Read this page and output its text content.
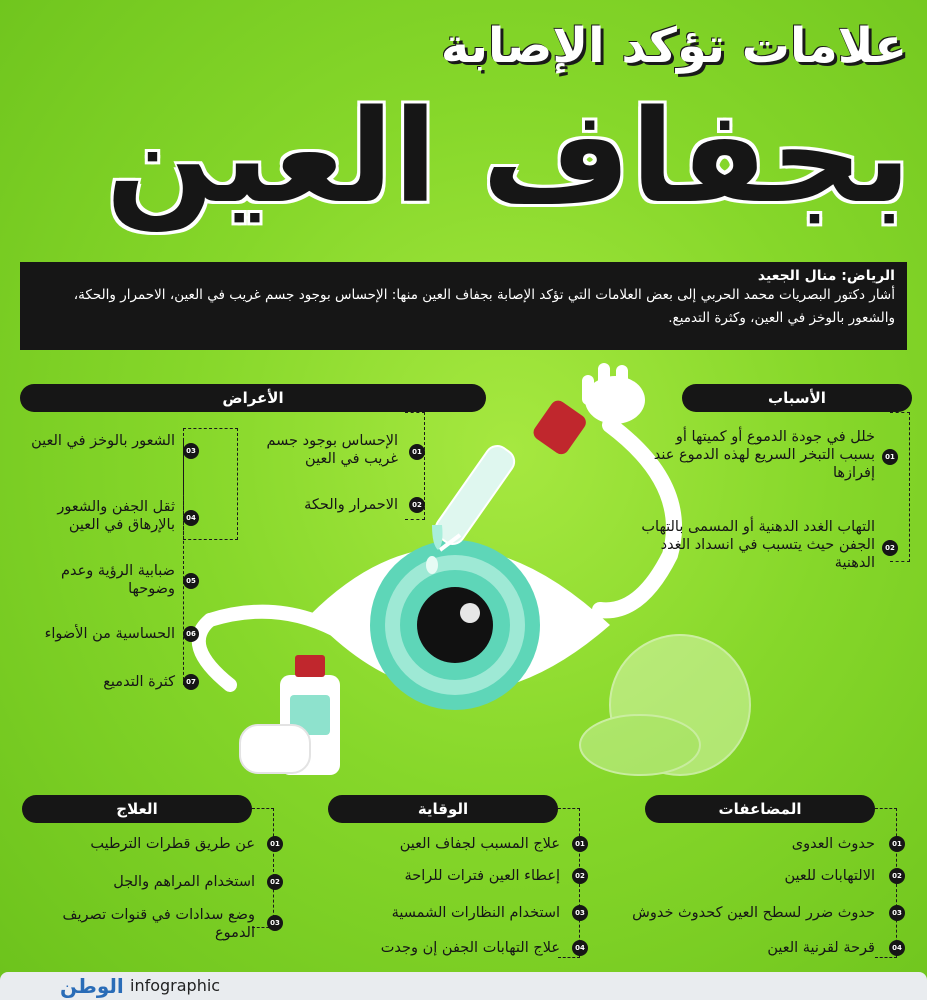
علامات تؤكد الإصابة
بجفاف العين
الرياض: منال الجعيد
أشار دكتور البصريات محمد الحربي إلى بعض العلامات التي تؤكد الإصابة بجفاف العين منها: الإحساس بوجود جسم غريب في العين، الاحمرار والحكة، والشعور بالوخز في العين، وكثرة التدميع.
الأسباب
01
خلل في جودة الدموع أو كميتها أو بسبب التبخر السريع لهذه الدموع عند إفرازها
02
التهاب الغدد الدهنية أو المسمى بالتهاب الجفن حيث يتسبب في انسداد الغدد الدهنية
الأعراض
01
الإحساس بوجود جسم غريب في العين
02
الاحمرار والحكة
03
الشعور بالوخز في العين
04
ثقل الجفن والشعور بالإرهاق في العين
05
ضبابية الرؤية وعدم وضوحها
06
الحساسية من الأضواء
07
كثرة التدميع
المضاعفات
01
حدوث العدوى
02
الالتهابات للعين
03
حدوث ضرر لسطح العين كحدوث خدوش
04
قرحة لقرنية العين
الوقاية
01
علاج المسبب لجفاف العين
02
إعطاء العين فترات للراحة
03
استخدام النظارات الشمسية
04
علاج التهابات الجفن إن وجدت
العلاج
01
عن طريق قطرات الترطيب
02
استخدام المراهم والجل
03
وضع سدادات في قنوات تصريف الدموع
الوطن infographic
